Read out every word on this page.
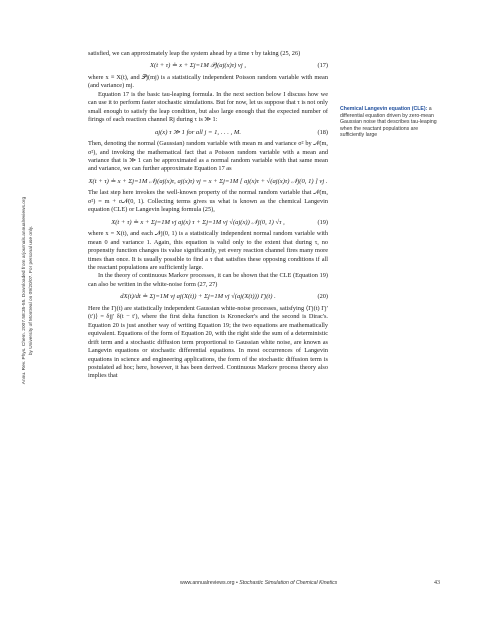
Annu. Rev. Phys. Chem. 2007.58:35-55. Downloaded from arjournals.annualreviews.org by University of Montreal on 09/20/07. For personal use only.

satisfied, we can approximately leap the system ahead by a time τ by taking (25, 26)

X(t + τ) ≐ x + Σj=1M 𝒫j(aj(x)τ) νj ,	(17)

where x ≡ X(t), and 𝒫j(mj) is a statistically independent Poisson random variable with mean (and variance) mj.

Equation 17 is the basic tau-leaping formula. In the next section below I discuss how we can use it to perform faster stochastic simulations. But for now, let us suppose that τ is not only small enough to satisfy the leap condition, but also large enough that the expected number of firings of each reaction channel Rj during τ is ≫ 1:

aj(x) τ ≫ 1 for all j = 1, . . . , M.	(18)

Then, denoting the normal (Gaussian) random variable with mean m and variance σ² by 𝒩(m, σ²), and invoking the mathematical fact that a Poisson random variable with a mean and variance that is ≫ 1 can be approximated as a normal random variable with that same mean and variance, we can further approximate Equation 17 as

X(t + τ) ≐ x + Σj=1M 𝒩j(aj(x)τ, aj(x)τ) νj = x + Σj=1M [ aj(x)τ + √(aj(x)τ) 𝒩j(0, 1) ] νj .

The last step here invokes the well-known property of the normal random variable that 𝒩(m, σ²) = m + σ𝒩(0, 1). Collecting terms gives us what is known as the chemical Langevin equation (CLE) or Langevin leaping formula (25),

X(t + τ) ≐ x + Σj=1M νj aj(x) τ + Σj=1M νj √(aj(x)) 𝒩j(0, 1) √τ ,	(19)

where x = X(t), and each 𝒩j(0, 1) is a statistically independent normal random variable with mean 0 and variance 1. Again, this equation is valid only to the extent that during τ, no propensity function changes its value significantly, yet every reaction channel fires many more times than once. It is usually possible to find a τ that satisfies these opposing conditions if all the reactant populations are sufficiently large.

In the theory of continuous Markov processes, it can be shown that the CLE (Equation 19) can also be written in the white-noise form (27, 27)

dX(t)/dt ≐ Σj=1M νj aj(X(t)) + Σj=1M νj √(aj(X(t))) Γj(t) .	(20)

Here the Γj(t) are statistically independent Gaussian white-noise processes, satisfying ⟨Γj(t) Γj′(t′)⟩ = δjj′ δ(t − t′), where the first delta function is Kronecker's and the second is Dirac's. Equation 20 is just another way of writing Equation 19; the two equations are mathematically equivalent. Equations of the form of Equation 20, with the right side the sum of a deterministic drift term and a stochastic diffusion term proportional to Gaussian white noise, are known as Langevin equations or stochastic differential equations. In most occurrences of Langevin equations in science and engineering applications, the form of the stochastic diffusion term is postulated ad hoc; here, however, it has been derived. Continuous Markov process theory also implies that

Chemical Langevin equation (CLE): a differential equation driven by zero-mean Gaussian noise that describes tau-leaping when the reactant populations are sufficiently large
www.annualreviews.org • Stochastic Simulation of Chemical Kinetics	43
